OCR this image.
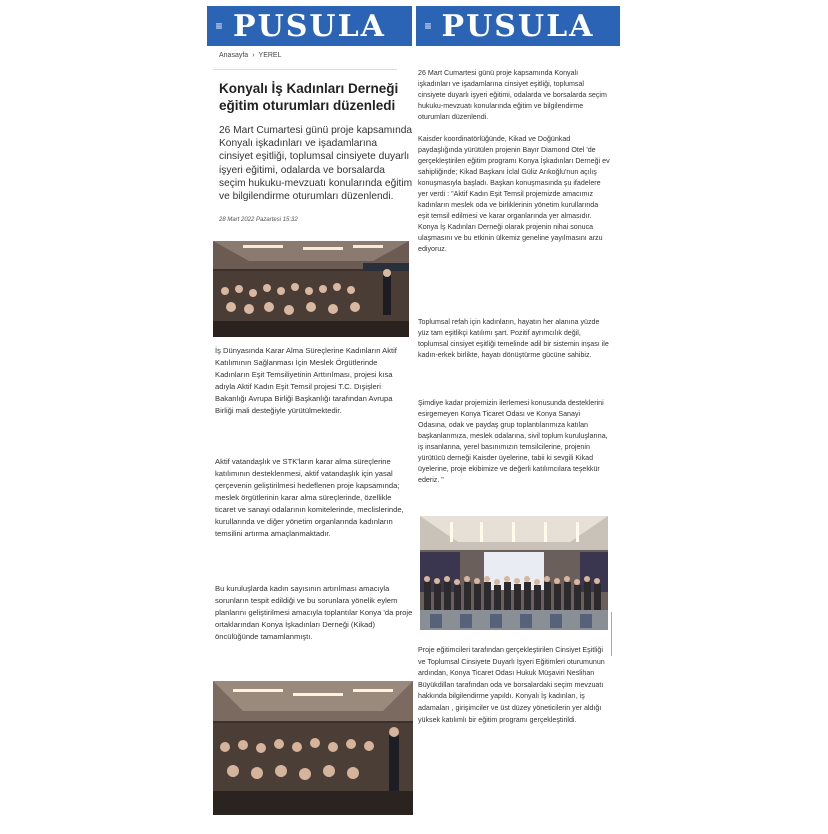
≡ PUSULA	≡ PUSULA
Anasayfa › YEREL
Konyalı İş Kadınları Derneği eğitim oturumları düzenledi

26 Mart Cumartesi günü proje kapsamında Konyalı işkadınları ve işadamlarına cinsiyet eşitliği, toplumsal cinsiyete duyarlı işyeri eğitimi, odalarda ve borsalarda seçim hukuku-mevzuatı konularında eğitim ve bilgilendirme oturumları düzenlendi.

28 Mart 2022 Pazartesi 15:32

İş Dünyasında Karar Alma Süreçlerine Kadınların Aktif Katılımının Sağlanması İçin Meslek Örgütlerinde Kadınların Eşit Temsiliyetinin Arttırılması, projesi kısa adıyla Aktif Kadın Eşit Temsil projesi T.C. Dışişleri Bakanlığı Avrupa Birliği Başkanlığı tarafından Avrupa Birliği mali desteğiyle yürütülmektedir.

Aktif vatandaşlık ve STK'ların karar alma süreçlerine katılımının desteklenmesi, aktif vatandaşlık için yasal çerçevenin geliştirilmesi hedeflenen proje kapsamında; meslek örgütlerinin karar alma süreçlerinde, özellikle ticaret ve sanayi odalarının komitelerinde, meclislerinde, kurullarında ve diğer yönetim organlarında kadınların temsilini artırma amaçlanmaktadır.

Bu kuruluşlarda kadın sayısının artırılması amacıyla sorunların tespit edildiği ve bu sorunlara yönelik eylem planlarını geliştirilmesi amacıyla toplantılar Konya 'da proje ortaklarından Konya İşkadınları Derneği (Kikad) öncülüğünde tamamlanmıştı.

26 Mart Cumartesi günü proje kapsamında Konyalı işkadınları ve işadamlarına cinsiyet eşitliği, toplumsal cinsiyete duyarlı işyeri eğitimi, odalarda ve borsalarda seçim hukuku-mevzuatı konularında eğitim ve bilgilendirme oturumları düzenlendi.

Kaisder koordinatörlüğünde, Kikad ve Doğünkad paydaşlığında yürütülen projenin Bayır Diamond Otel 'de gerçekleştirilen eğitim programı Konya İşkadınları Derneği ev sahipliğinde; Kikad Başkanı İclal Güliz Arıkoğlu'nun açılış konuşmasıyla başladı. Başkan konuşmasında şu ifadelere yer verdi : "Aktif Kadın Eşit Temsil projemizde amacımız kadınların meslek oda ve birliklerinin yönetim kurullarında eşit temsil edilmesi ve karar organlarında yer almasıdır. Konya İş Kadınları Derneği olarak projenin nihai sonuca ulaşmasını ve bu etkinin ülkemiz geneline yayılmasını arzu ediyoruz.

Toplumsal refah için kadınların, hayatın her alanına yüzde yüz tam eşitlikçi katılımı şart. Pozitif ayrımcılık değil, toplumsal cinsiyet eşitliği temelinde adil bir sistemin inşası ile kadın-erkek birlikte, hayatı dönüştürme gücüne sahibiz.

Şimdiye kadar projemizin ilerlemesi konusunda desteklerini esirgemeyen Konya Ticaret Odası ve Konya Sanayi Odasına, odak ve paydaş grup toplantılarımıza katılan başkanlarımıza, meslek odalarına, sivil toplum kuruluşlarına, iş insanlarına, yerel basınımızın temsilcilerine, projenin yürütücü derneği Kaisder üyelerine, tabii ki sevgili Kikad üyelerine, proje ekibimize ve değerli katılımcılara teşekkür ederiz. "

Proje eğitimcileri tarafından gerçekleştirilen Cinsiyet Eşitliği ve Toplumsal Cinsiyete Duyarlı İşyeri Eğitimleri oturumunun ardından, Konya Ticaret Odası Hukuk Müşaviri Neslihan Büyükdillan tarafından oda ve borsalardaki seçim mevzuatı hakkında bilgilendirme yapıldı. Konyalı İş kadınları, iş adamaları , girişimciler ve üst düzey yöneticilerin yer aldığı yüksek katılımlı bir eğitim programı gerçekleştirildi.
